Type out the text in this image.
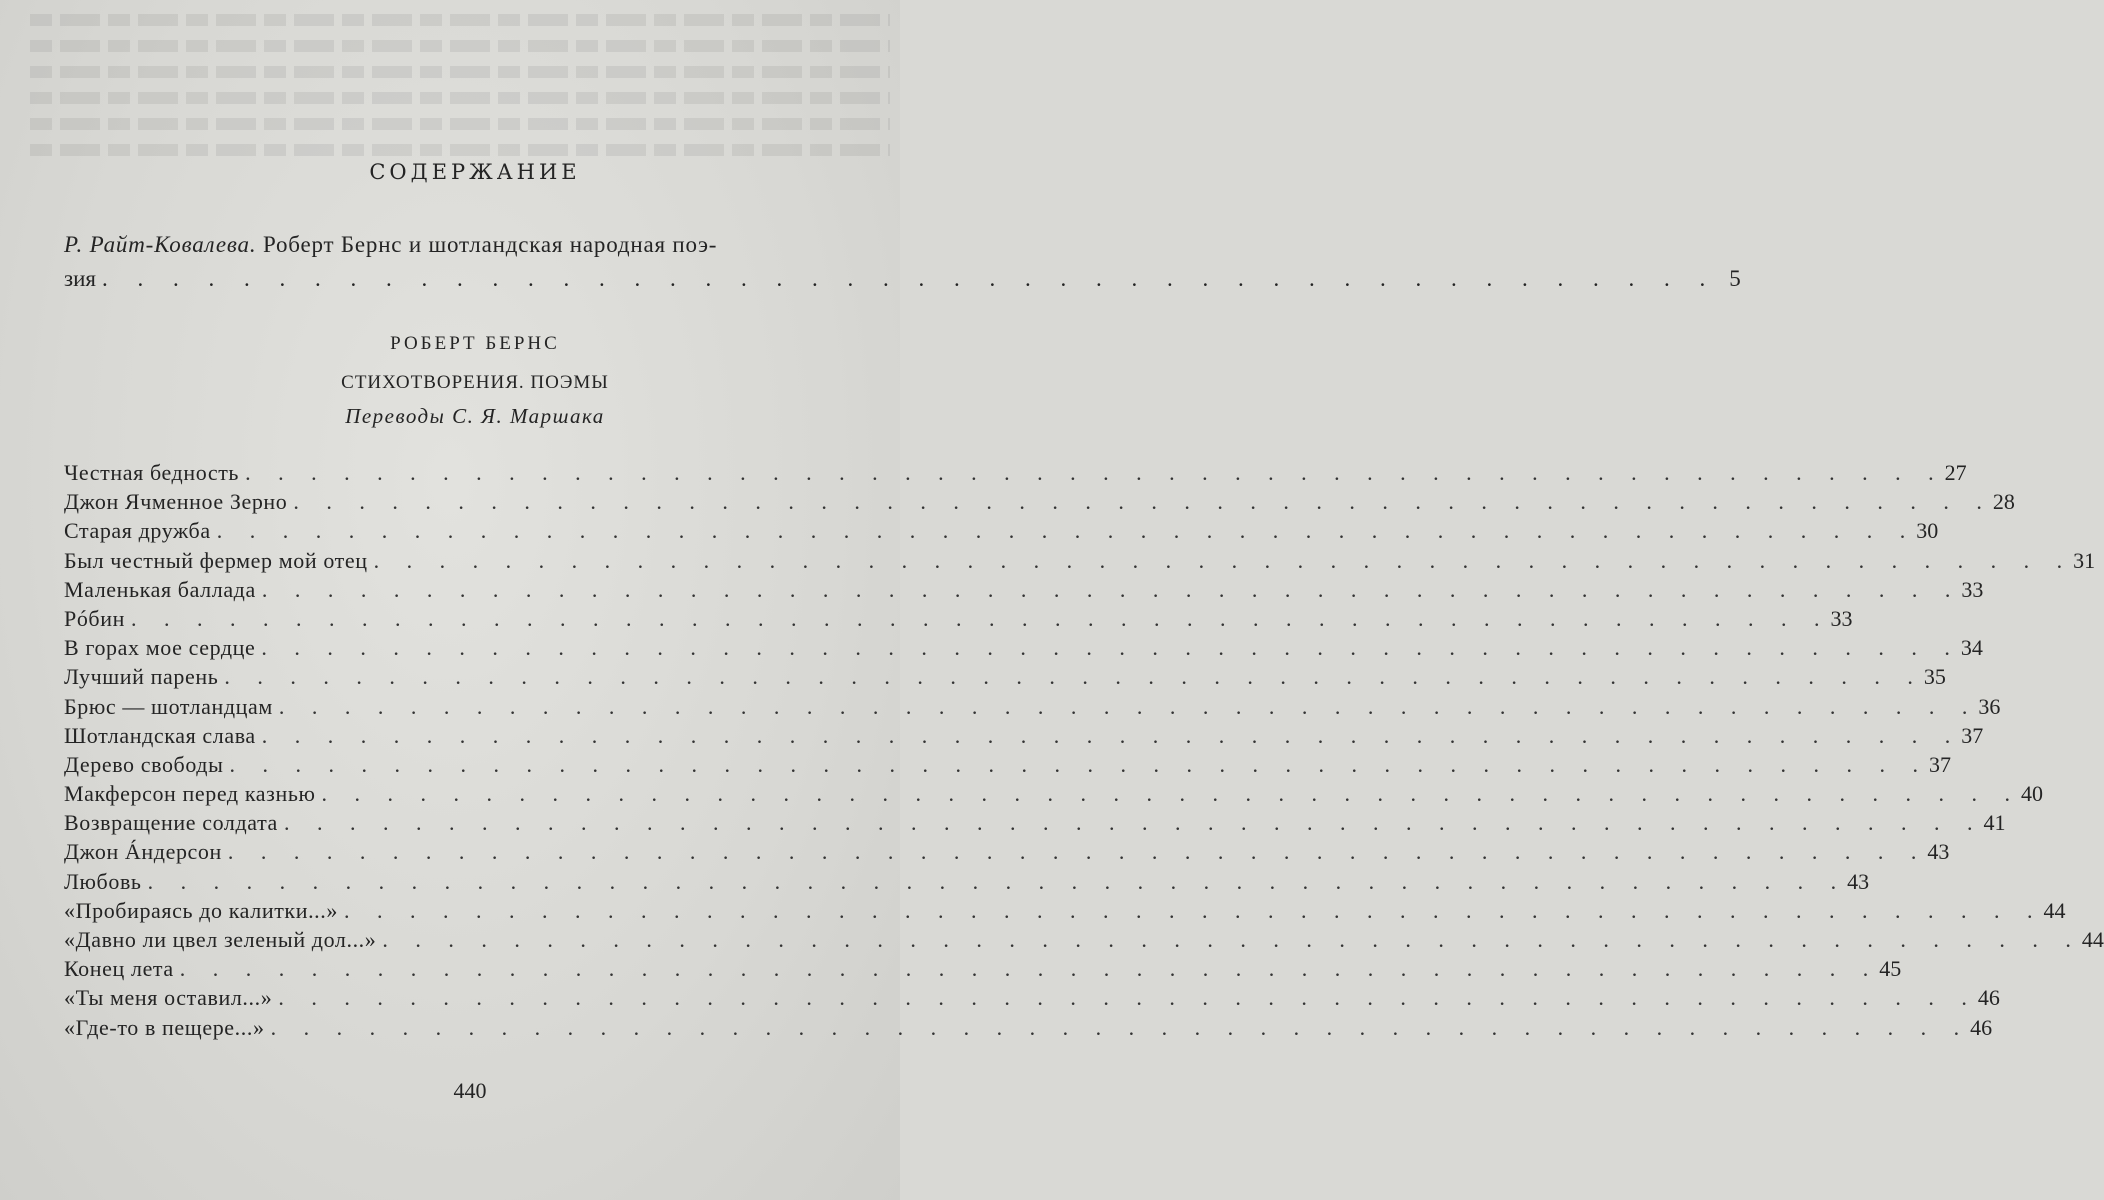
СОДЕРЖАНИЕ
Р. Райт-Ковалева. Роберт Бернс и шотландская народная поэ-
зия . . . . . . . . . . . . . . . . . . . . . . . . . . . . . . . . . . . . . . . . . . . . . . 5
РОБЕРТ БЕРНС
СТИХОТВОРЕНИЯ. ПОЭМЫ
Переводы С. Я. Маршака
Честная бедность . . . . . . . . . . . . . . . . . . . . . . . . . . . . . . . . . . . . . . . . . . . . . . . . . . . . 27
Джон Ячменное Зерно . . . . . . . . . . . . . . . . . . . . . . . . . . . . . . . . . . . . . . . . . . . . . . . . . . . . 28
Старая дружба . . . . . . . . . . . . . . . . . . . . . . . . . . . . . . . . . . . . . . . . . . . . . . . . . . . . 30
Был честный фермер мой отец . . . . . . . . . . . . . . . . . . . . . . . . . . . . . . . . . . . . . . . . . . . . . . . . . . . . 31
Маленькая баллада . . . . . . . . . . . . . . . . . . . . . . . . . . . . . . . . . . . . . . . . . . . . . . . . . . . . 33
Рóбин . . . . . . . . . . . . . . . . . . . . . . . . . . . . . . . . . . . . . . . . . . . . . . . . . . . . 33
В горах мое сердце . . . . . . . . . . . . . . . . . . . . . . . . . . . . . . . . . . . . . . . . . . . . . . . . . . . . 34
Лучший парень . . . . . . . . . . . . . . . . . . . . . . . . . . . . . . . . . . . . . . . . . . . . . . . . . . . . 35
Брюс — шотландцам . . . . . . . . . . . . . . . . . . . . . . . . . . . . . . . . . . . . . . . . . . . . . . . . . . . . 36
Шотландская слава . . . . . . . . . . . . . . . . . . . . . . . . . . . . . . . . . . . . . . . . . . . . . . . . . . . . 37
Дерево свободы . . . . . . . . . . . . . . . . . . . . . . . . . . . . . . . . . . . . . . . . . . . . . . . . . . . . 37
Макферсон перед казнью . . . . . . . . . . . . . . . . . . . . . . . . . . . . . . . . . . . . . . . . . . . . . . . . . . . . 40
Возвращение солдата . . . . . . . . . . . . . . . . . . . . . . . . . . . . . . . . . . . . . . . . . . . . . . . . . . . . 41
Джон Áндерсон . . . . . . . . . . . . . . . . . . . . . . . . . . . . . . . . . . . . . . . . . . . . . . . . . . . . 43
Любовь . . . . . . . . . . . . . . . . . . . . . . . . . . . . . . . . . . . . . . . . . . . . . . . . . . . . 43
«Пробираясь до калитки...» . . . . . . . . . . . . . . . . . . . . . . . . . . . . . . . . . . . . . . . . . . . . . . . . . . . . 44
«Давно ли цвел зеленый дол...» . . . . . . . . . . . . . . . . . . . . . . . . . . . . . . . . . . . . . . . . . . . . . . . . . . . . 44
Конец лета . . . . . . . . . . . . . . . . . . . . . . . . . . . . . . . . . . . . . . . . . . . . . . . . . . . . 45
«Ты меня оставил...» . . . . . . . . . . . . . . . . . . . . . . . . . . . . . . . . . . . . . . . . . . . . . . . . . . . . 46
«Где-то в пещере...» . . . . . . . . . . . . . . . . . . . . . . . . . . . . . . . . . . . . . . . . . . . . . . . . . . . . 46
440
